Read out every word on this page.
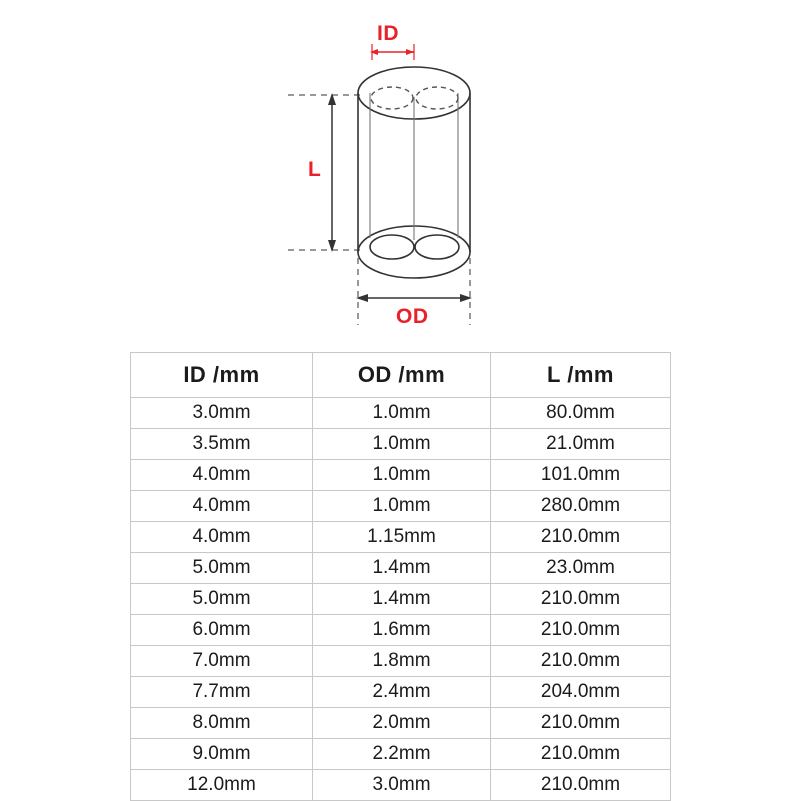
ID
OD
L
ID /mm	OD /mm	L /mm
3.0mm	1.0mm	80.0mm
3.5mm	1.0mm	21.0mm
4.0mm	1.0mm	101.0mm
4.0mm	1.0mm	280.0mm
4.0mm	1.15mm	210.0mm
5.0mm	1.4mm	23.0mm
5.0mm	1.4mm	210.0mm
6.0mm	1.6mm	210.0mm
7.0mm	1.8mm	210.0mm
7.7mm	2.4mm	204.0mm
8.0mm	2.0mm	210.0mm
9.0mm	2.2mm	210.0mm
12.0mm	3.0mm	210.0mm
